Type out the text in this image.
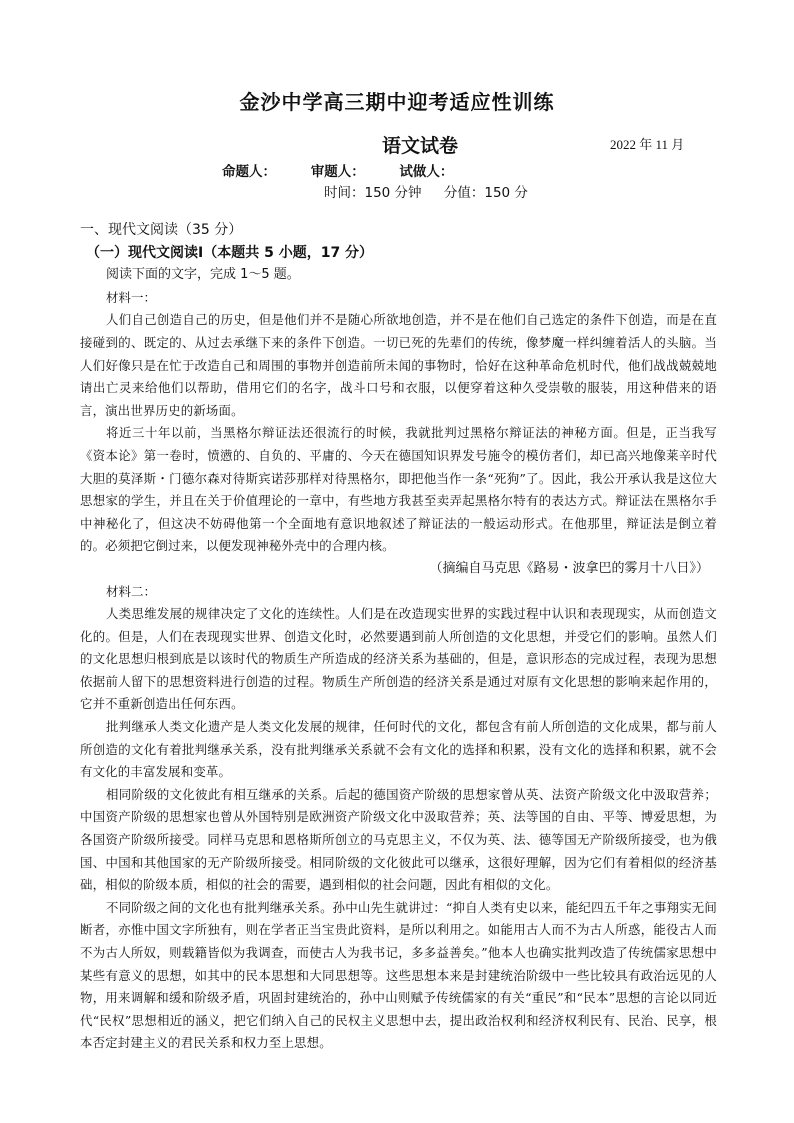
金沙中学高三期中迎考适应性训练
语文试卷	2022 年 11 月
命题人：	审题人：	试做人：
时间：150 分钟 分值：150 分
一、现代文阅读（35 分）
（一）现代文阅读Ⅰ（本题共 5 小题，17 分）
阅读下面的文字，完成 1～5 题。
材料一：

人们自己创造自己的历史，但是他们并不是随心所欲地创造，并不是在他们自己选定的条件下创造，而是在直接碰到的、既定的、从过去承继下来的条件下创造。一切已死的先辈们的传统，像梦魔一样纠缠着活人的头脑。当人们好像只是在忙于改造自己和周围的事物并创造前所未闻的事物时，恰好在这种革命危机时代，他们战战兢兢地请出亡灵来给他们以帮助，借用它们的名字，战斗口号和衣服，以便穿着这种久受崇敬的服装，用这种借来的语言，演出世界历史的新场面。

将近三十年以前，当黑格尔辩证法还很流行的时候，我就批判过黑格尔辩证法的神秘方面。但是，正当我写《资本论》第一卷时，愤懑的、自负的、平庸的、今天在德国知识界发号施令的模仿者们，却已高兴地像莱辛时代大胆的莫泽斯・门德尔森对待斯宾诺莎那样对待黑格尔，即把他当作一条“死狗”了。因此，我公开承认我是这位大思想家的学生，并且在关于价值理论的一章中，有些地方我甚至卖弄起黑格尔特有的表达方式。辩证法在黑格尔手中神秘化了，但这决不妨碍他第一个全面地有意识地叙述了辩证法的一般运动形式。在他那里，辩证法是倒立着的。必须把它倒过来，以便发现神秘外壳中的合理内核。

（摘编自马克思《路易・波拿巴的雾月十八日》）
材料二：

人类思维发展的规律决定了文化的连续性。人们是在改造现实世界的实践过程中认识和表现现实，从而创造文化的。但是，人们在表现现实世界、创造文化时，必然要遇到前人所创造的文化思想，并受它们的影响。虽然人们的文化思想归根到底是以该时代的物质生产所造成的经济关系为基础的，但是，意识形态的完成过程，表现为思想依据前人留下的思想资料进行创造的过程。物质生产所创造的经济关系是通过对原有文化思想的影响来起作用的，它并不重新创造出任何东西。

批判继承人类文化遗产是人类文化发展的规律，任何时代的文化，都包含有前人所创造的文化成果，都与前人所创造的文化有着批判继承关系，没有批判继承关系就不会有文化的选择和积累，没有文化的选择和积累，就不会有文化的丰富发展和变革。

相同阶级的文化彼此有相互继承的关系。后起的德国资产阶级的思想家曾从英、法资产阶级文化中汲取营养；中国资产阶级的思想家也曾从外国特别是欧洲资产阶级文化中汲取营养；英、法等国的自由、平等、博爱思想，为各国资产阶级所接受。同样马克思和恩格斯所创立的马克思主义，不仅为英、法、德等国无产阶级所接受，也为俄国、中国和其他国家的无产阶级所接受。相同阶级的文化彼此可以继承，这很好理解，因为它们有着相似的经济基础，相似的阶级本质，相似的社会的需要，遇到相似的社会问题，因此有相似的文化。

不同阶级之间的文化也有批判继承关系。孙中山先生就讲过：“抑自人类有史以来，能纪四五千年之事翔实无间断者，亦惟中国文字所独有，则在学者正当宝贵此资料，是所以利用之。如能用古人而不为古人所惑，能役古人而不为古人所奴，则载籍皆似为我调查，而使古人为我书记，多多益善矣。”他本人也确实批判改造了传统儒家思想中某些有意义的思想，如其中的民本思想和大同思想等。这些思想本来是封建统治阶级中一些比较具有政治远见的人物，用来调解和缓和阶级矛盾，巩固封建统治的，孙中山则赋予传统儒家的有关“重民”和“民本”思想的言论以同近代“民权”思想相近的涵义，把它们纳入自己的民权主义思想中去，提出政治权利和经济权利民有、民治、民享，根本否定封建主义的君民关系和权力至上思想。
